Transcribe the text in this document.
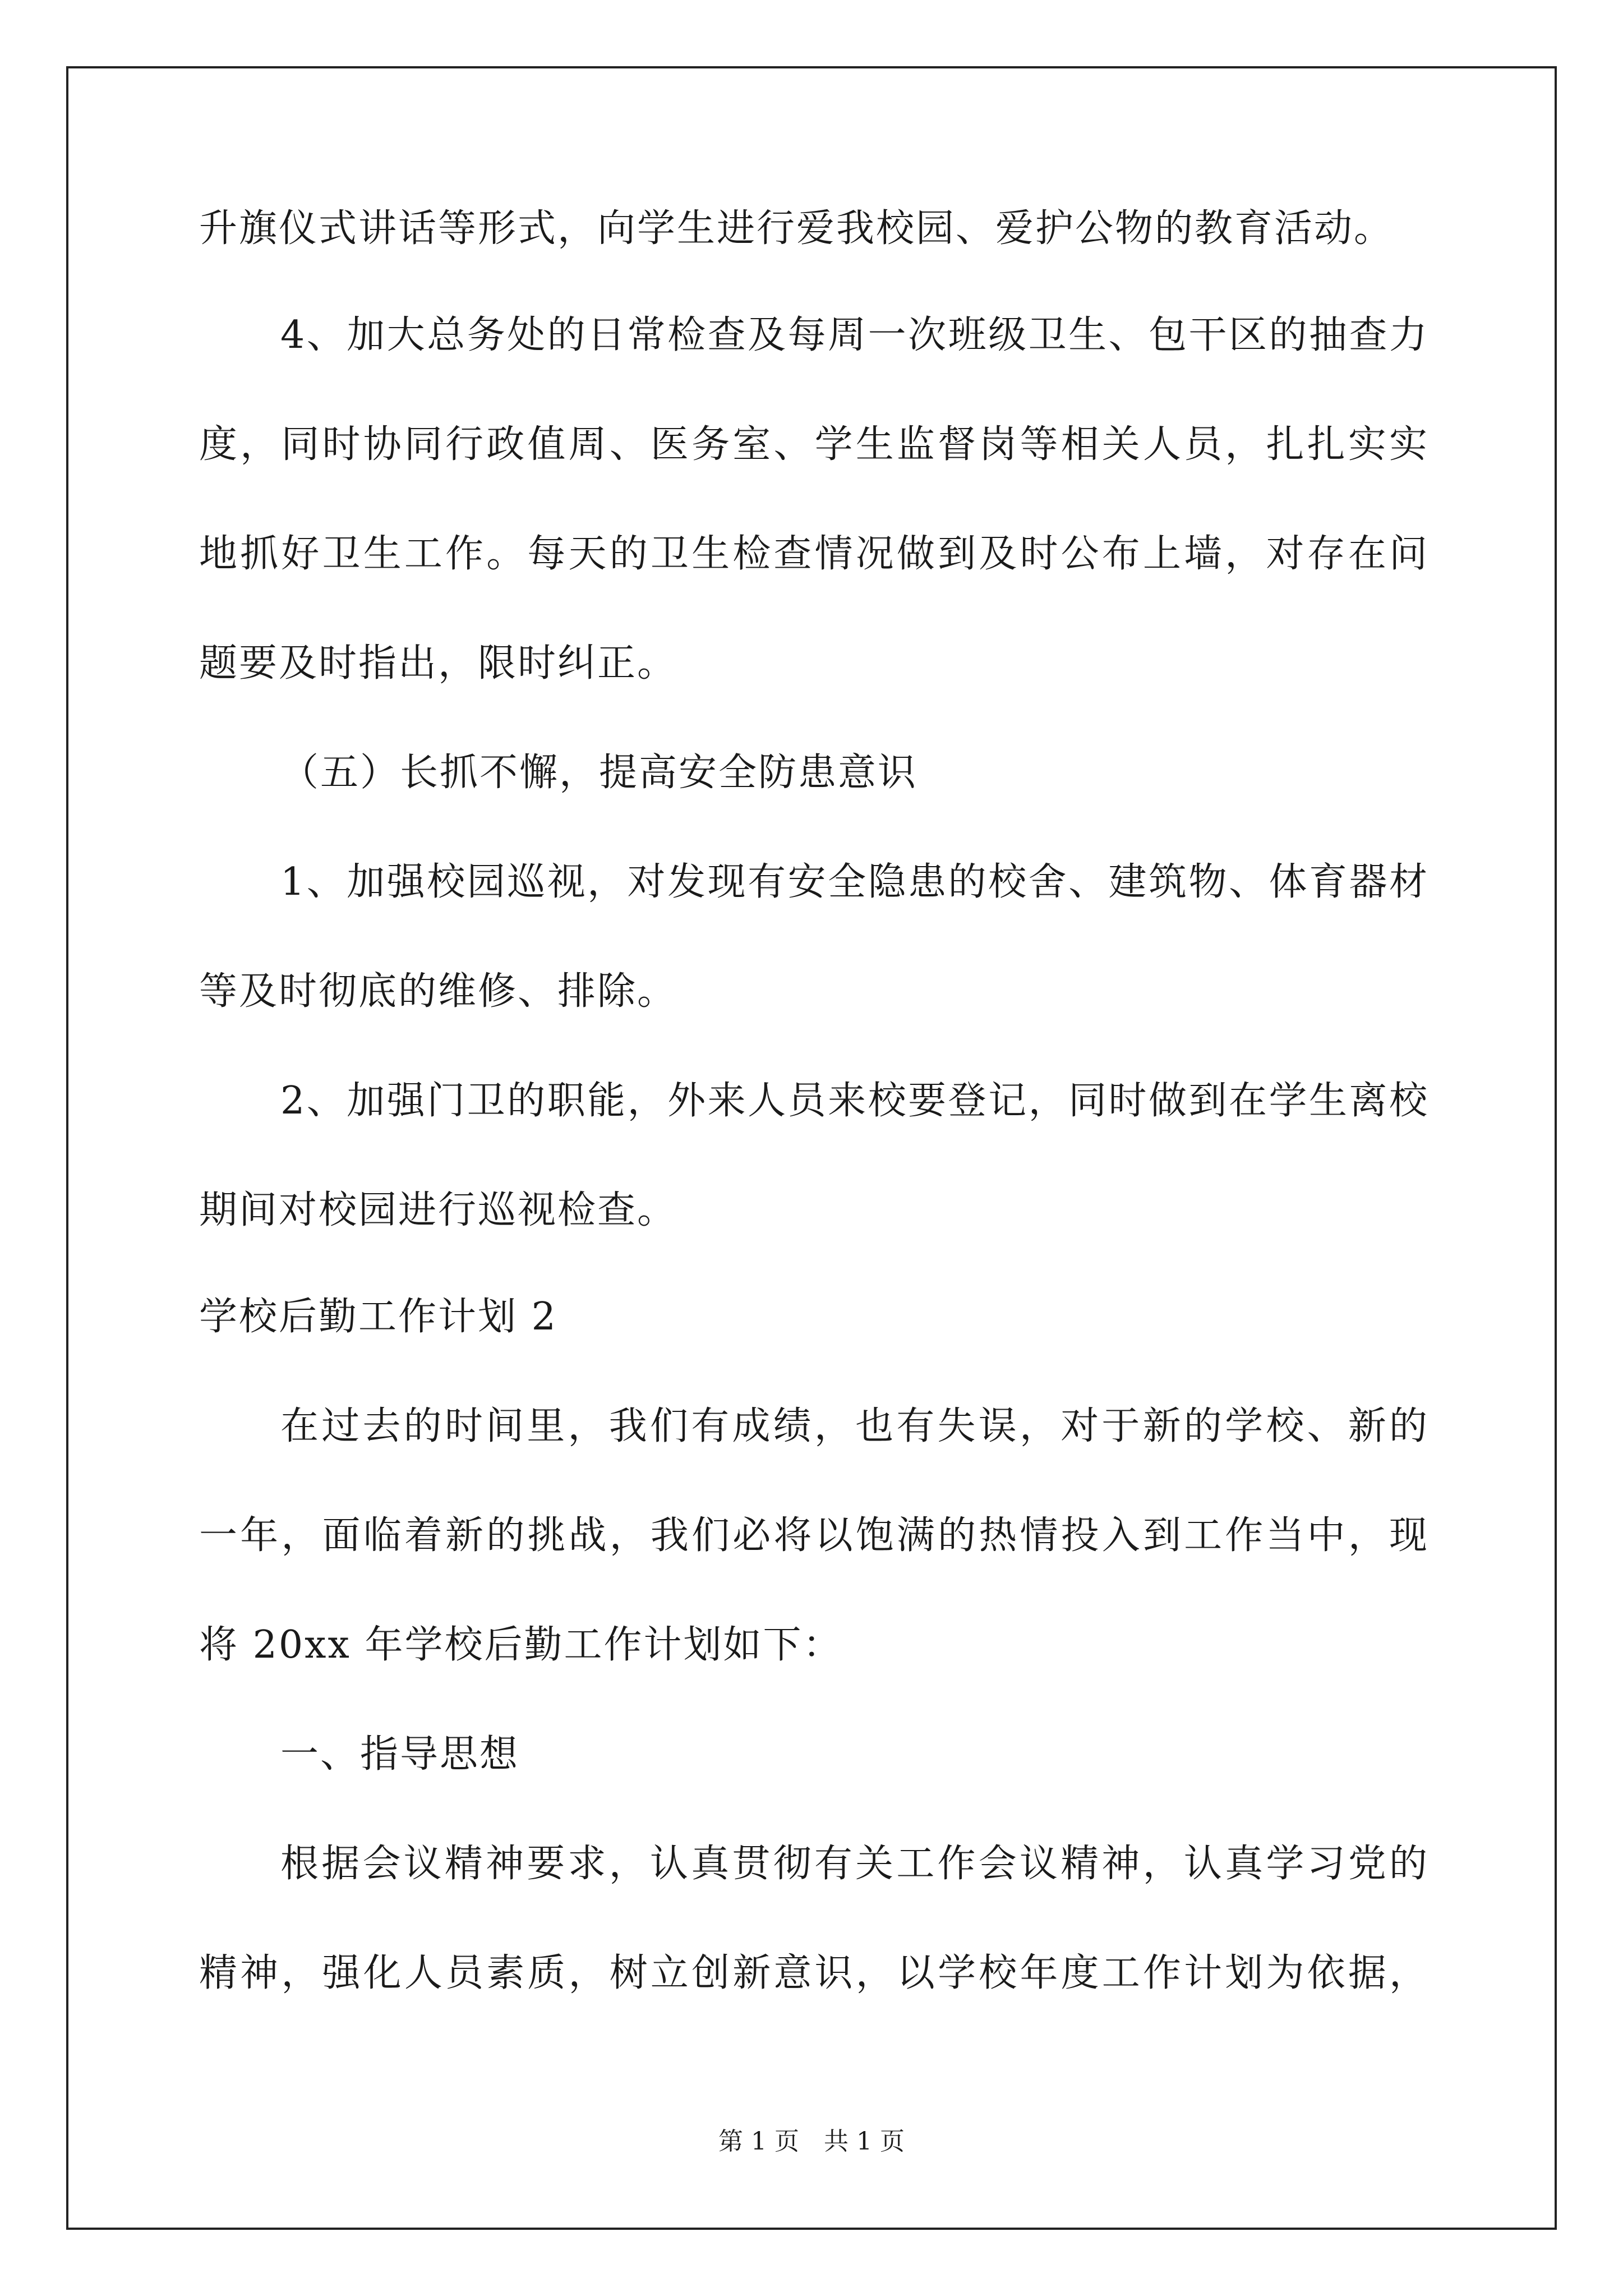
升旗仪式讲话等形式，向学生进行爱我校园、爱护公物的教育活动。
4、加大总务处的日常检查及每周一次班级卫生、包干区的抽查力
度，同时协同行政值周、医务室、学生监督岗等相关人员，扎扎实实
地抓好卫生工作。每天的卫生检查情况做到及时公布上墙，对存在问
题要及时指出，限时纠正。
（五）长抓不懈，提高安全防患意识
1、加强校园巡视，对发现有安全隐患的校舍、建筑物、体育器材
等及时彻底的维修、排除。
2、加强门卫的职能，外来人员来校要登记，同时做到在学生离校
期间对校园进行巡视检查。
学校后勤工作计划 2
在过去的时间里，我们有成绩，也有失误，对于新的学校、新的
一年，面临着新的挑战，我们必将以饱满的热情投入到工作当中，现
将 20xx 年学校后勤工作计划如下：
一、指导思想
根据会议精神要求，认真贯彻有关工作会议精神，认真学习党的
精神，强化人员素质，树立创新意识，以学校年度工作计划为依据，
第 1 页　共 1 页
